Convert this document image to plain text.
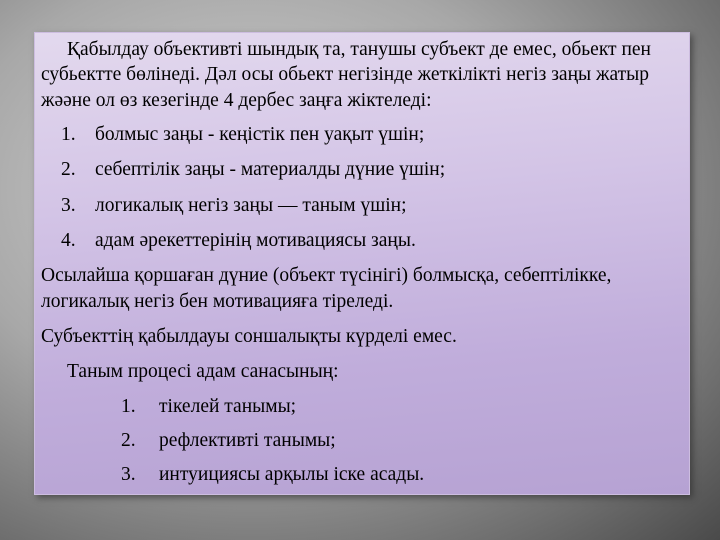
Қабылдау объективті шындық та, танушы субъект де емес, обьект пен субьектте бөлінеді. Дәл осы обьект негізінде жеткілікті негіз заңы жатыр жәәне ол өз кезегінде 4 дербес заңға жіктеледі:

1. болмыс заңы - кеңістік пен уақыт үшін;
2. себептілік заңы - материалды дүние үшін;
3. логикалық негіз заңы — таным үшін;
4. адам әрекеттерінің мотивациясы заңы.

Осылайша қоршаған дүние (объект түсінігі) болмысқа, себептілікке, логикалық негіз бен мотивацияға тіреледі.

Субъекттің қабылдауы соншалықты күрделі емес.

Таным процесі адам санасының:

1.	тікелей танымы;
2.	рефлективті танымы;
3.	интуициясы арқылы іске асады.
